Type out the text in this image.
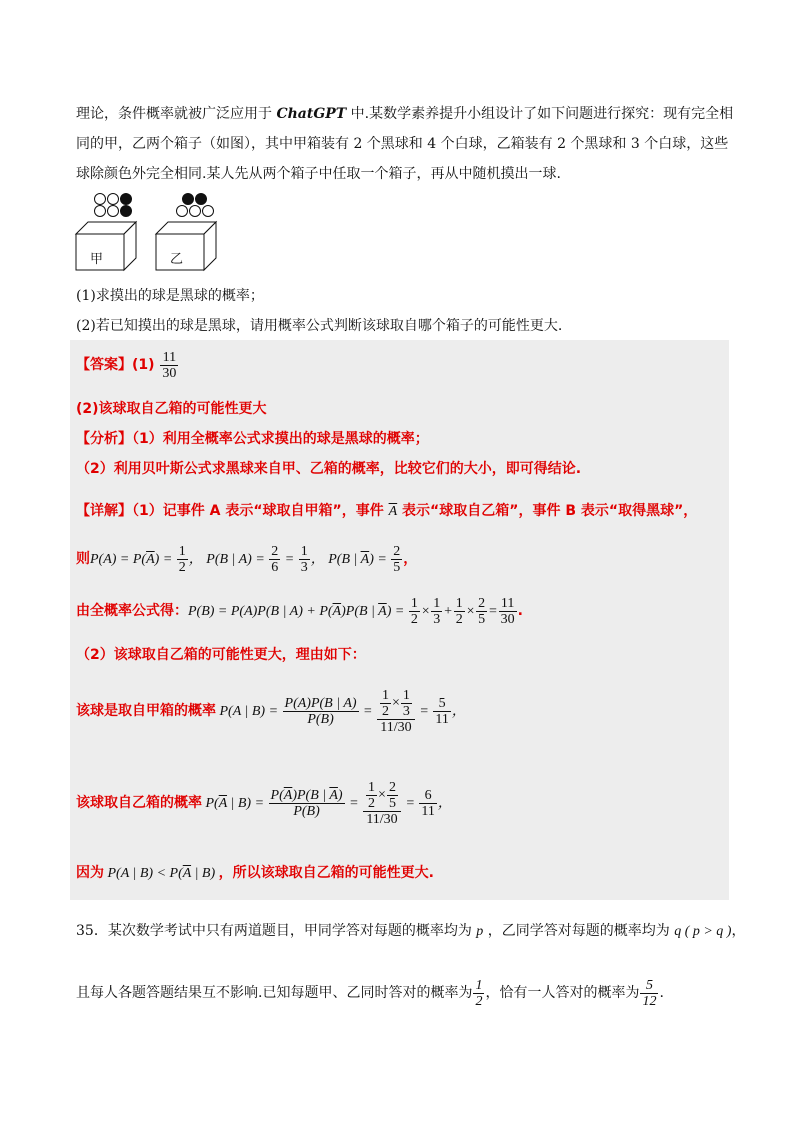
理论，条件概率就被广泛应用于 ChatGPT 中.某数学素养提升小组设计了如下问题进行探究：现有完全相
同的甲，乙两个箱子（如图），其中甲箱装有 2 个黑球和 4 个白球，乙箱装有 2 个黑球和 3 个白球，这些
球除颜色外完全相同.某人先从两个箱子中任取一个箱子，再从中随机摸出一球.
甲	乙
(1)求摸出的球是黑球的概率；
(2)若已知摸出的球是黑球，请用概率公式判断该球取自哪个箱子的可能性更大.
【答案】$(1) \frac{11}{30}$
(2)该球取自乙箱的可能性更大
【分析】（1）利用全概率公式求摸出的球是黑球的概率；
（2）利用贝叶斯公式求黑球来自甲、乙箱的概率，比较它们的大小，即可得结论.
【详解】（1）记事件 A 表示“球取自甲箱”，事件 $\overline{A}$ 表示“球取自乙箱”，事件 B 表示“取得黑球”，
则$P(A) = P(\overline{A}) = \frac{1}{2}$ ， P(B | $A) = \frac{2}{6} = \frac{1}{3}$ ， P(B | $\overline{A}) = \frac{2}{5}$ ，
由全概率公式得：P(B) = P(A)P(B | $A) + P(\overline{A})P(B$ | $\overline{A}) = \frac{1}{2} \times \frac{1}{3} + \frac{1}{2} \times \frac{2}{5} = \frac{11}{30}$ .
（2）该球取自乙箱的可能性更大，理由如下：
该球是取自甲箱的概率 P(A | $B) = \frac{P(A)P(B | A)}{P(B)} = \frac{\frac{1}{2} \times \frac{1}{3}}{11/30} = \frac{5}{11}$ ，
该球取自乙箱的概率 $P(\overline{A}$ | $B) = \frac{P(\overline{A})P(B | \overline{A})}{P(B)} = \frac{\frac{1}{2} \times \frac{2}{5}}{11/30} = \frac{6}{11}$ ，
因为 P(A | $B) < P(\overline{A}$ | B) ，所以该球取自乙箱的可能性更大.
35．某次数学考试中只有两道题目，甲同学答对每题的概率均为 p ，乙同学答对每题的概率均为 q ( p > q )，
且每人各题答题结果互不影响.已知每题甲、乙同时答对的概率为 $\frac{1}{2}$ ，恰有一人答对的概率为 $\frac{5}{12}$ .
